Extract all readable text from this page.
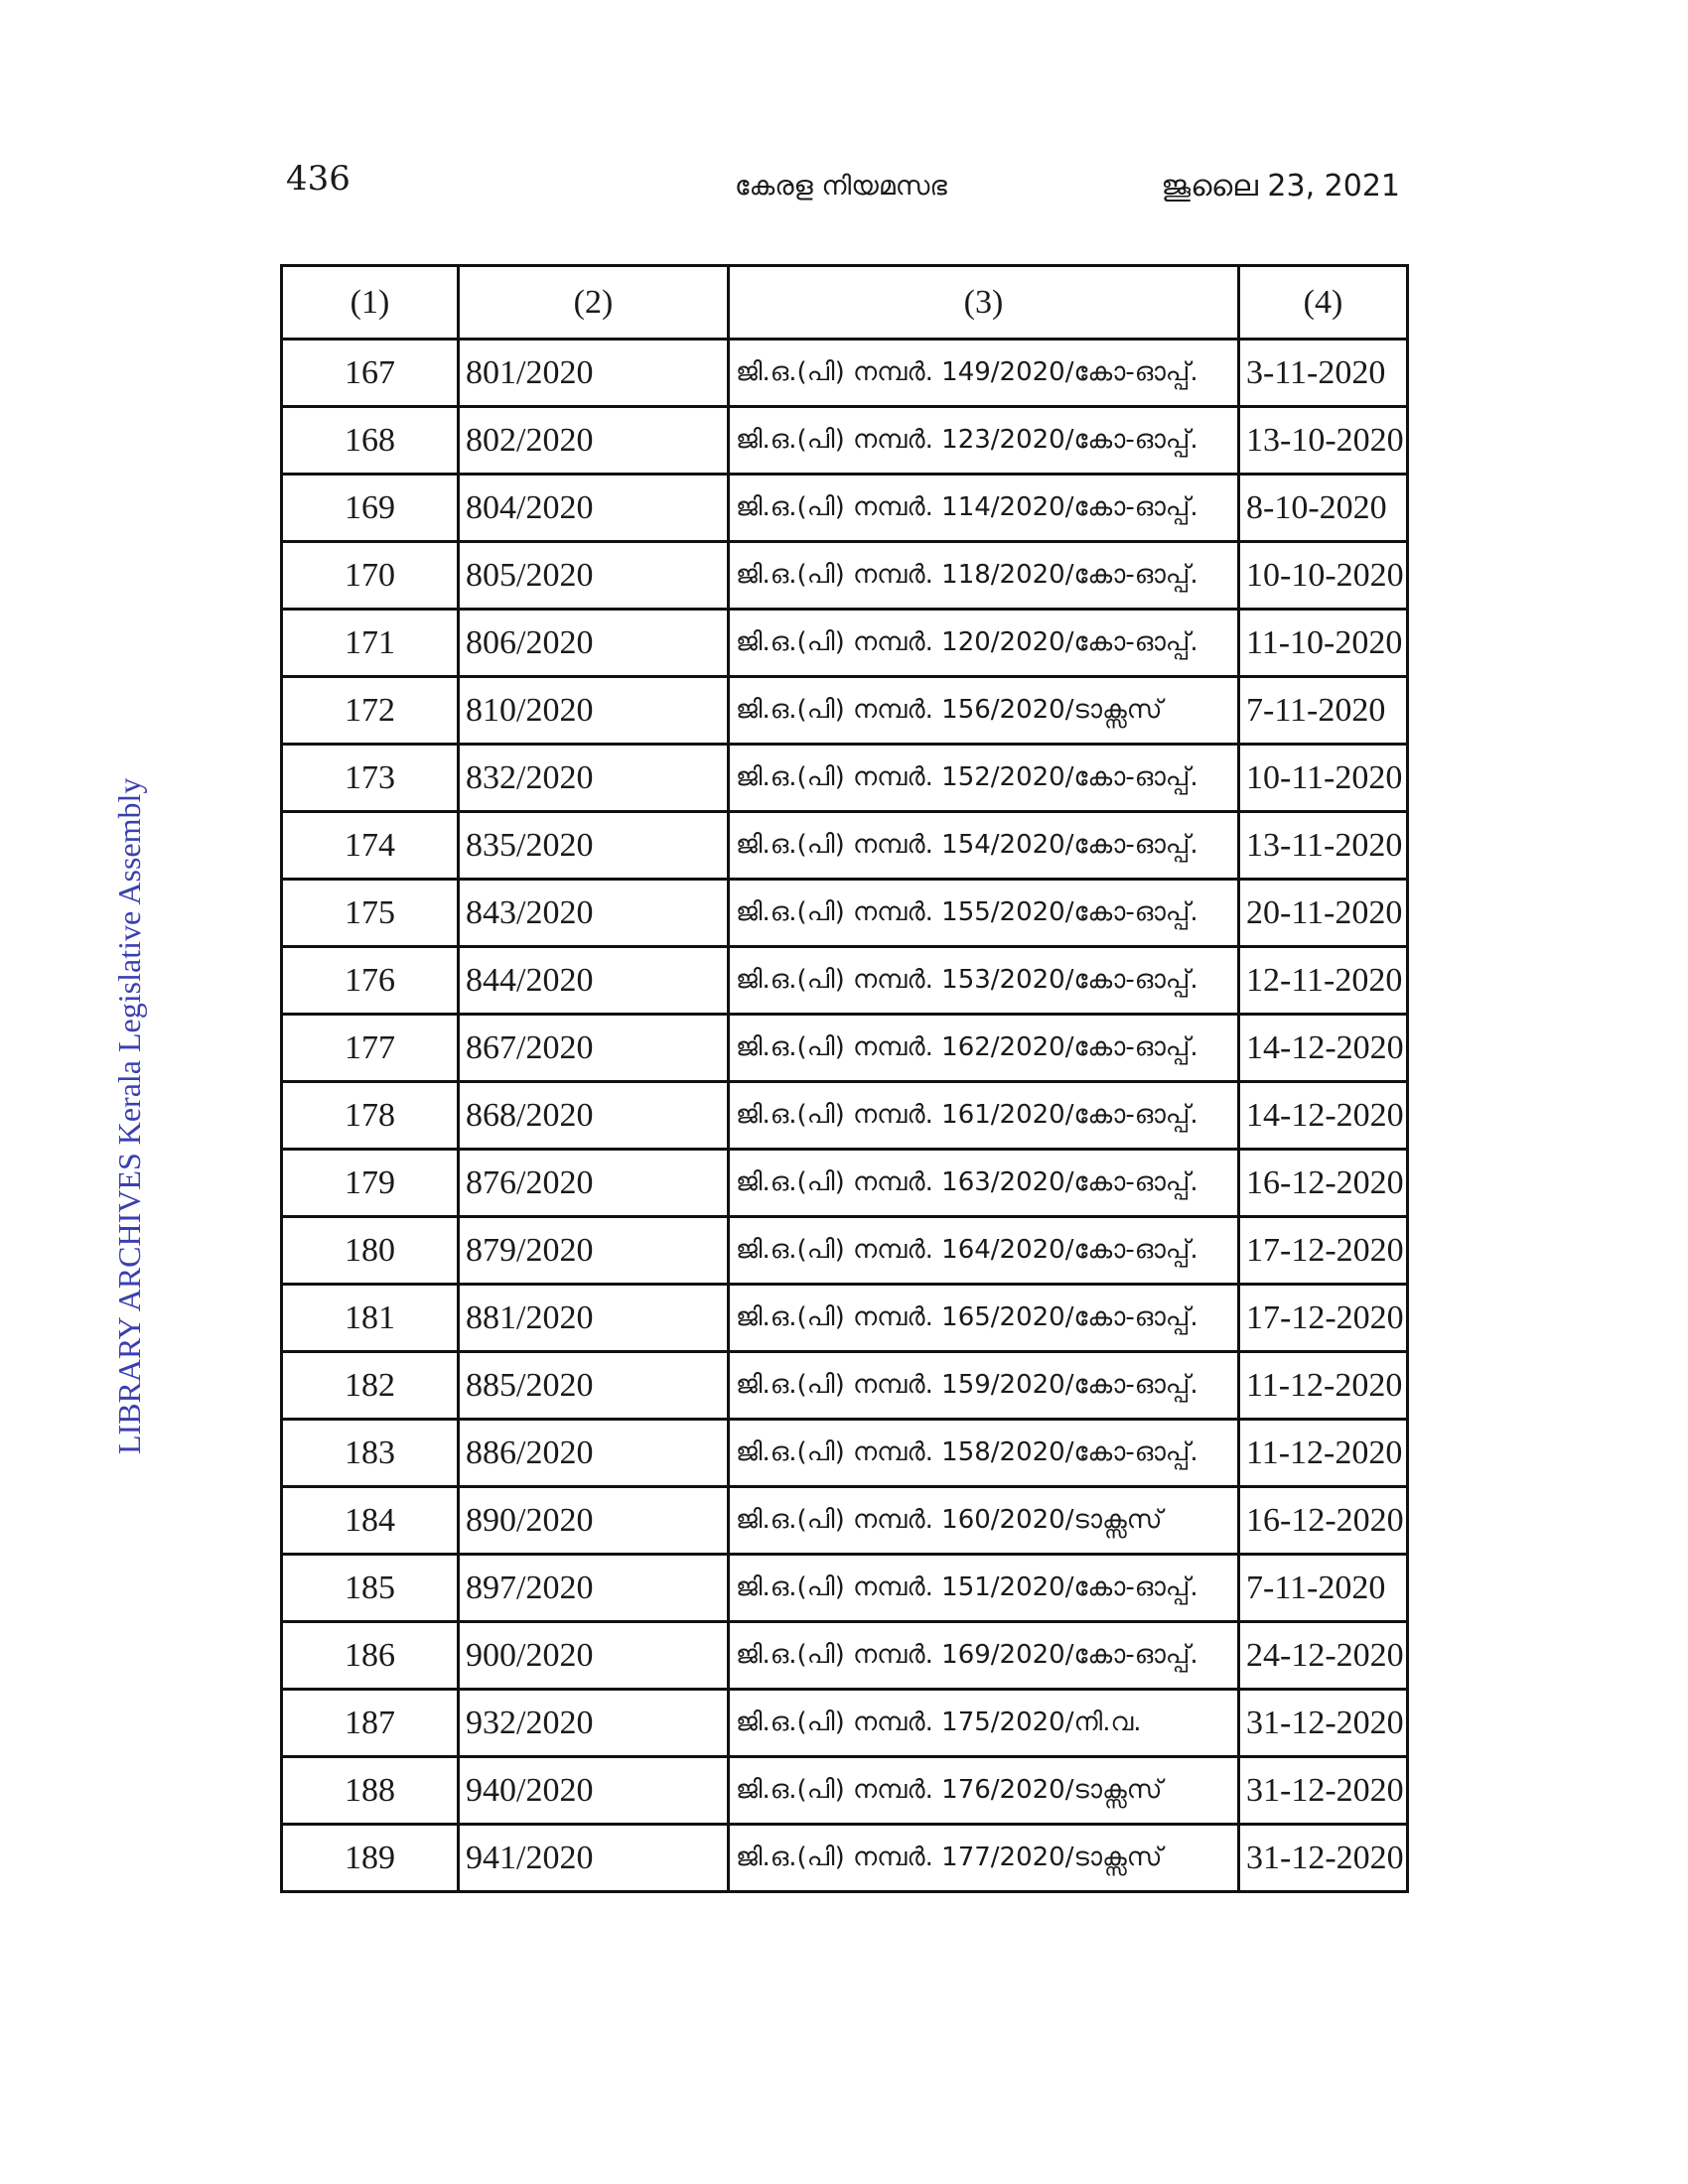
436	കേരള നിയമസഭ	ജൂലൈ 23, 2021
LIBRARY ARCHIVES Kerala Legislative Assembly
(1)	(2)	(3)	(4)
167	801/2020	ജി.ഒ.(പി) നമ്പർ. 149/2020/കോ-ഓപ്പ്.	3-11-2020
168	802/2020	ജി.ഒ.(പി) നമ്പർ. 123/2020/കോ-ഓപ്പ്.	13-10-2020
169	804/2020	ജി.ഒ.(പി) നമ്പർ. 114/2020/കോ-ഓപ്പ്.	8-10-2020
170	805/2020	ജി.ഒ.(പി) നമ്പർ. 118/2020/കോ-ഓപ്പ്.	10-10-2020
171	806/2020	ജി.ഒ.(പി) നമ്പർ. 120/2020/കോ-ഓപ്പ്.	11-10-2020
172	810/2020	ജി.ഒ.(പി) നമ്പർ. 156/2020/ടാക്സസ്	7-11-2020
173	832/2020	ജി.ഒ.(പി) നമ്പർ. 152/2020/കോ-ഓപ്പ്.	10-11-2020
174	835/2020	ജി.ഒ.(പി) നമ്പർ. 154/2020/കോ-ഓപ്പ്.	13-11-2020
175	843/2020	ജി.ഒ.(പി) നമ്പർ. 155/2020/കോ-ഓപ്പ്.	20-11-2020
176	844/2020	ജി.ഒ.(പി) നമ്പർ. 153/2020/കോ-ഓപ്പ്.	12-11-2020
177	867/2020	ജി.ഒ.(പി) നമ്പർ. 162/2020/കോ-ഓപ്പ്.	14-12-2020
178	868/2020	ജി.ഒ.(പി) നമ്പർ. 161/2020/കോ-ഓപ്പ്.	14-12-2020
179	876/2020	ജി.ഒ.(പി) നമ്പർ. 163/2020/കോ-ഓപ്പ്.	16-12-2020
180	879/2020	ജി.ഒ.(പി) നമ്പർ. 164/2020/കോ-ഓപ്പ്.	17-12-2020
181	881/2020	ജി.ഒ.(പി) നമ്പർ. 165/2020/കോ-ഓപ്പ്.	17-12-2020
182	885/2020	ജി.ഒ.(പി) നമ്പർ. 159/2020/കോ-ഓപ്പ്.	11-12-2020
183	886/2020	ജി.ഒ.(പി) നമ്പർ. 158/2020/കോ-ഓപ്പ്.	11-12-2020
184	890/2020	ജി.ഒ.(പി) നമ്പർ. 160/2020/ടാക്സസ്	16-12-2020
185	897/2020	ജി.ഒ.(പി) നമ്പർ. 151/2020/കോ-ഓപ്പ്.	7-11-2020
186	900/2020	ജി.ഒ.(പി) നമ്പർ. 169/2020/കോ-ഓപ്പ്.	24-12-2020
187	932/2020	ജി.ഒ.(പി) നമ്പർ. 175/2020/നി.വ.	31-12-2020
188	940/2020	ജി.ഒ.(പി) നമ്പർ. 176/2020/ടാക്സസ്	31-12-2020
189	941/2020	ജി.ഒ.(പി) നമ്പർ. 177/2020/ടാക്സസ്	31-12-2020
